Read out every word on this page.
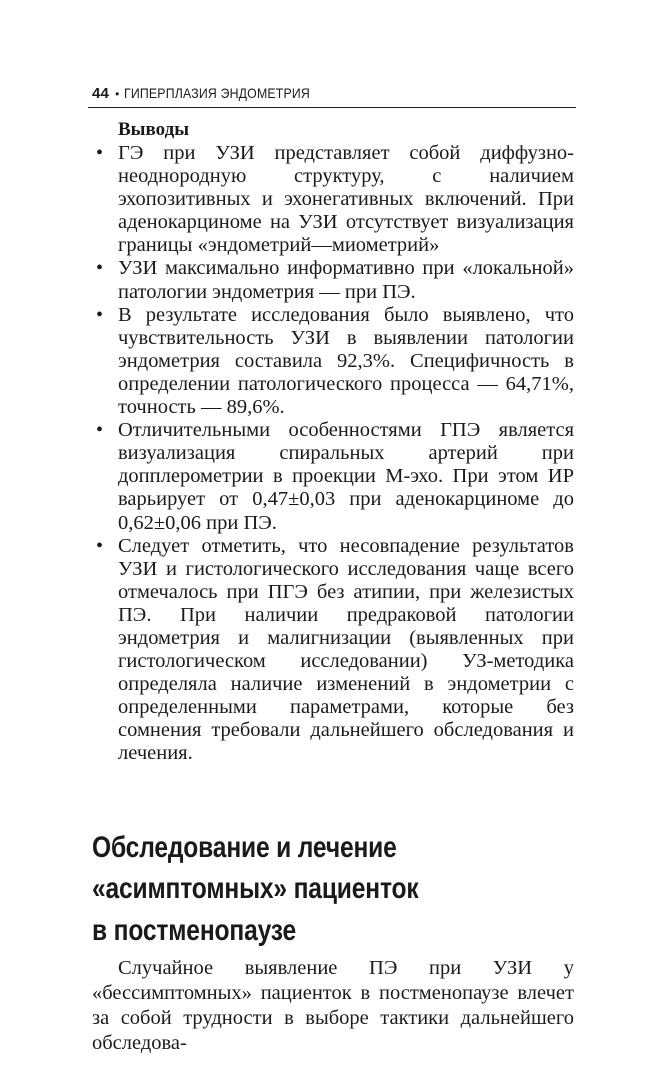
44 • ГИПЕРПЛАЗИЯ ЭНДОМЕТРИЯ
Выводы
• ГЭ при УЗИ представляет собой диффузно-неоднородную структуру, с наличием эхопозитивных и эхонегативных включений. При аденокарциноме на УЗИ отсутствует визуализация границы «эндометрий—миометрий»
• УЗИ максимально информативно при «локальной» патологии эндометрия — при ПЭ.
• В результате исследования было выявлено, что чувствительность УЗИ в выявлении патологии эндометрия составила 92,3%. Специфичность в определении патологического процесса — 64,71%, точность — 89,6%.
• Отличительными особенностями ГПЭ является визуализация спиральных артерий при допплерометрии в проекции М-эхо. При этом ИР варьирует от 0,47±0,03 при аденокарциноме до 0,62±0,06 при ПЭ.
• Следует отметить, что несовпадение результатов УЗИ и гистологического исследования чаще всего отмечалось при ПГЭ без атипии, при железистых ПЭ. При наличии предраковой патологии эндометрия и малигнизации (выявленных при гистологическом исследовании) УЗ-методика определяла наличие изменений в эндометрии с определенными параметрами, которые без сомнения требовали дальнейшего обследования и лечения.
Обследование и лечение
«асимптомных» пациенток
в постменопаузе

Случайное выявление ПЭ при УЗИ у «бессимптомных» пациенток в постменопаузе влечет за собой трудности в выборе тактики дальнейшего обследова-
